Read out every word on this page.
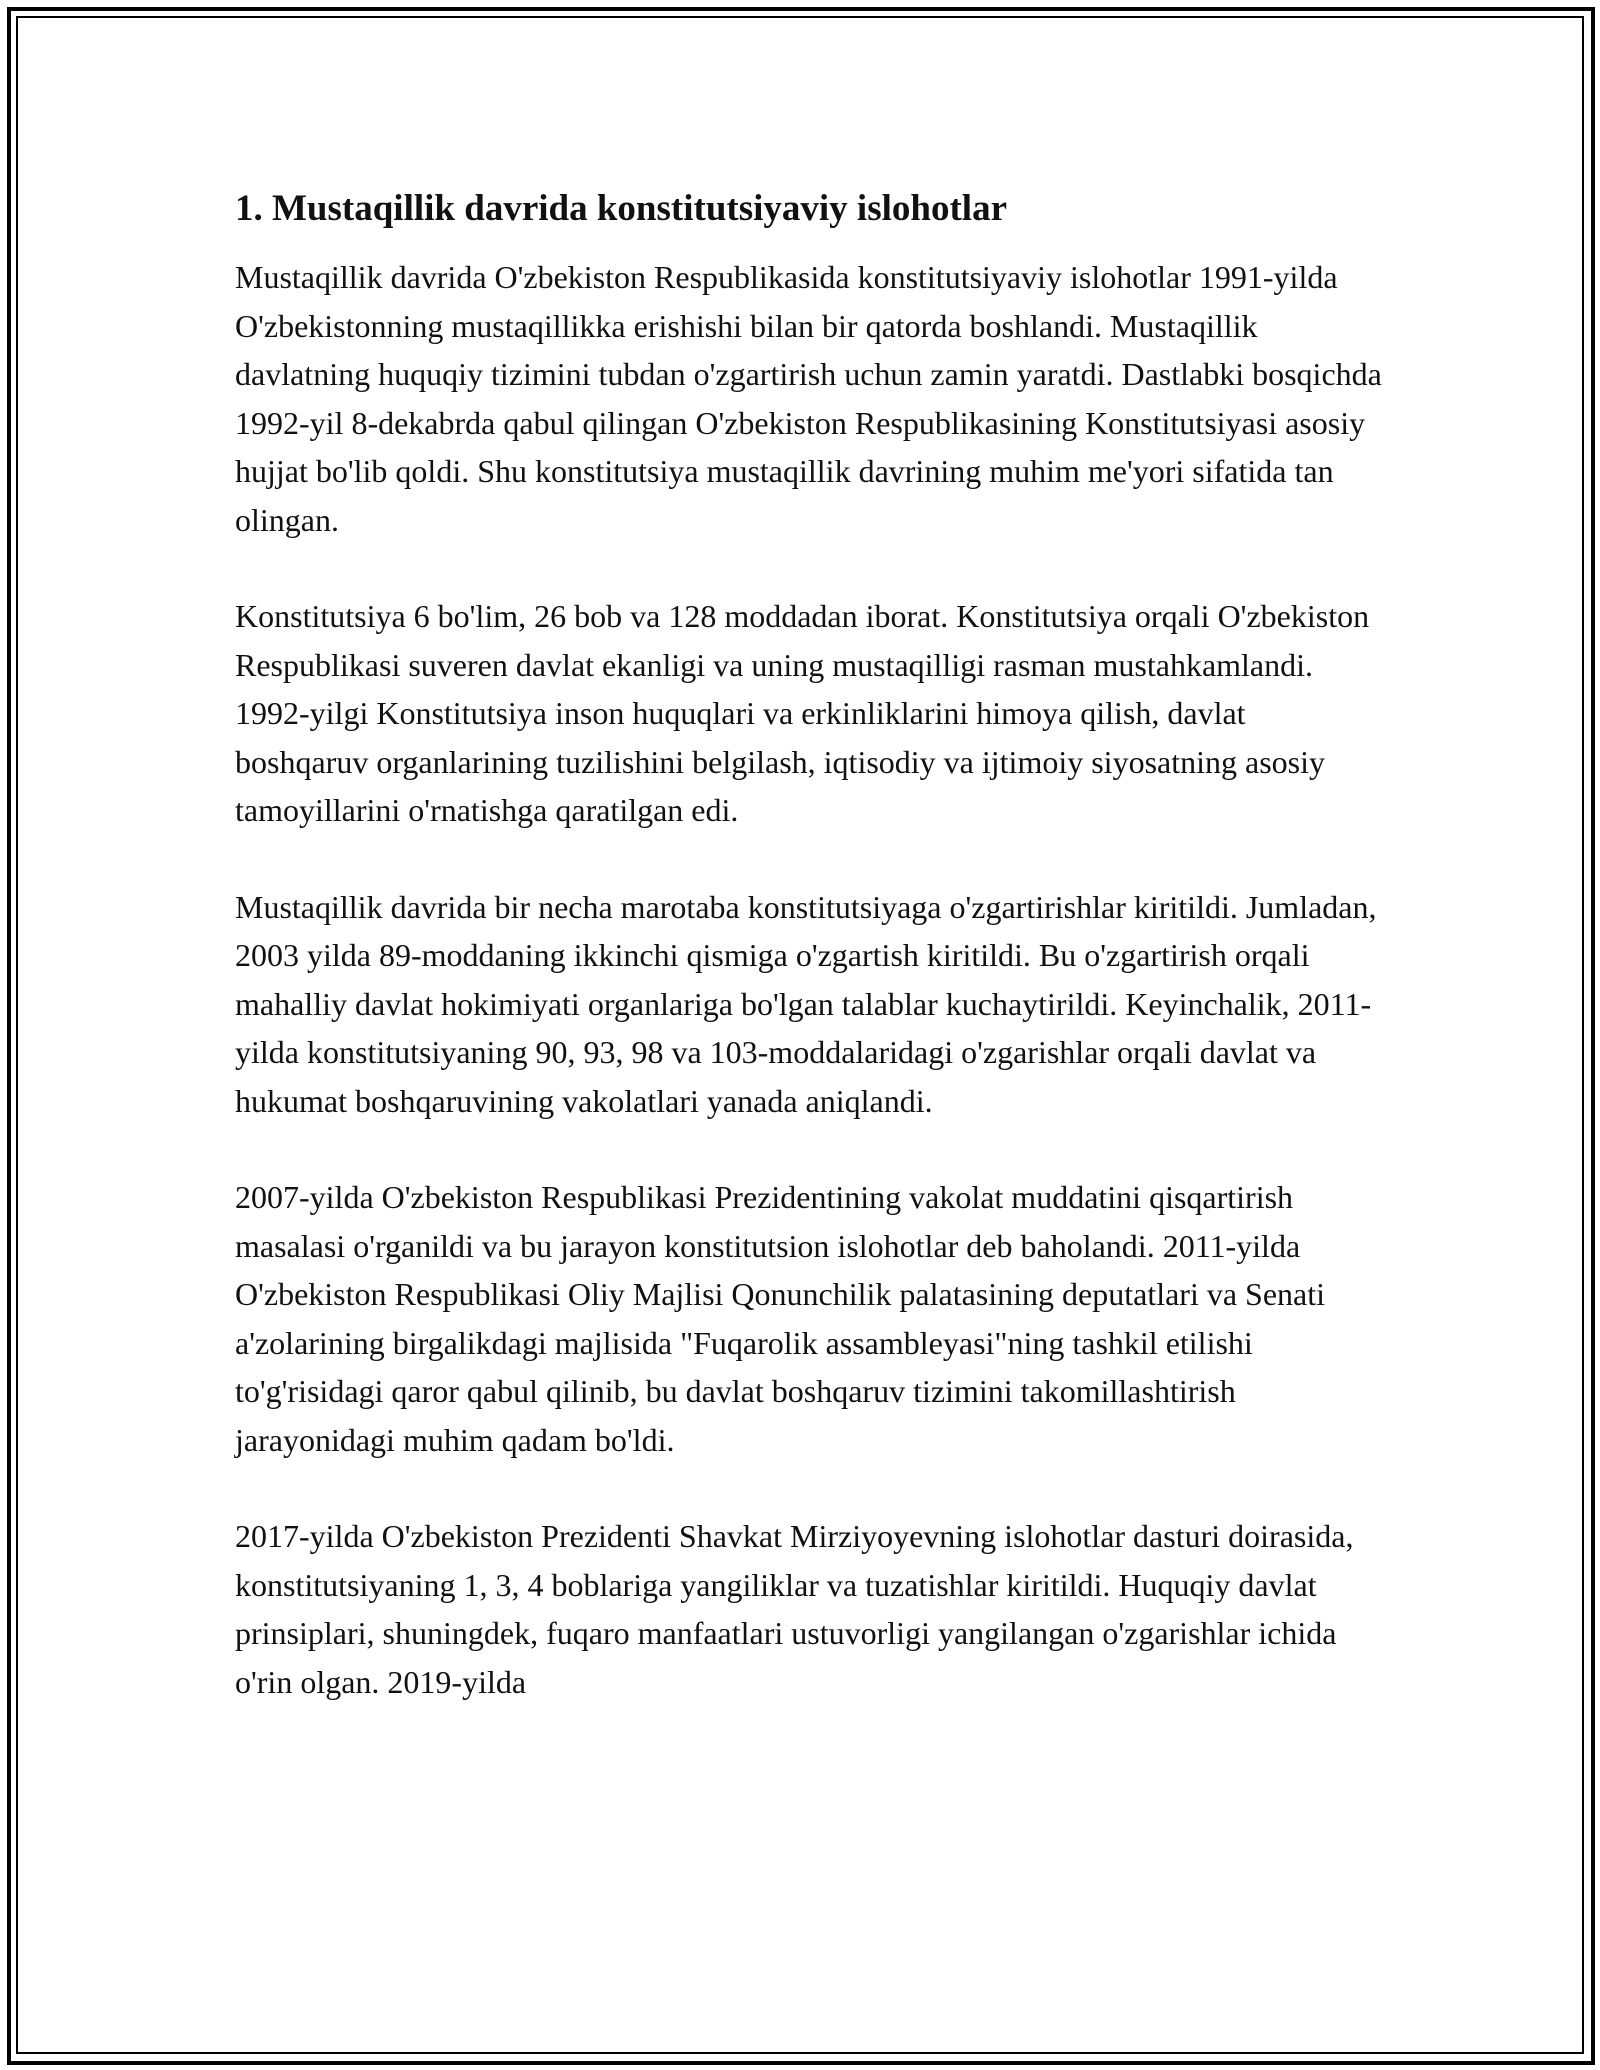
1. Mustaqillik davrida konstitutsiyaviy islohotlar

Mustaqillik davrida O'zbekiston Respublikasida konstitutsiyaviy islohotlar 1991-yilda O'zbekistonning mustaqillikka erishishi bilan bir qatorda boshlandi. Mustaqillik davlatning huquqiy tizimini tubdan o'zgartirish uchun zamin yaratdi. Dastlabki bosqichda 1992-yil 8-dekabrda qabul qilingan O'zbekiston Respublikasining Konstitutsiyasi asosiy hujjat bo'lib qoldi. Shu konstitutsiya mustaqillik davrining muhim me'yori sifatida tan olingan.

Konstitutsiya 6 bo'lim, 26 bob va 128 moddadan iborat. Konstitutsiya orqali O'zbekiston Respublikasi suveren davlat ekanligi va uning mustaqilligi rasman mustahkamlandi. 1992-yilgi Konstitutsiya inson huquqlari va erkinliklarini himoya qilish, davlat boshqaruv organlarining tuzilishini belgilash, iqtisodiy va ijtimoiy siyosatning asosiy tamoyillarini o'rnatishga qaratilgan edi.

Mustaqillik davrida bir necha marotaba konstitutsiyaga o'zgartirishlar kiritildi. Jumladan, 2003 yilda 89-moddaning ikkinchi qismiga o'zgartish kiritildi. Bu o'zgartirish orqali mahalliy davlat hokimiyati organlariga bo'lgan talablar kuchaytirildi. Keyinchalik, 2011-yilda konstitutsiyaning 90, 93, 98 va 103-moddalaridagi o'zgarishlar orqali davlat va hukumat boshqaruvining vakolatlari yanada aniqlandi.

2007-yilda O'zbekiston Respublikasi Prezidentining vakolat muddatini qisqartirish masalasi o'rganildi va bu jarayon konstitutsion islohotlar deb baholandi. 2011-yilda O'zbekiston Respublikasi Oliy Majlisi Qonunchilik palatasining deputatlari va Senati a'zolarining birgalikdagi majlisida "Fuqarolik assambleyasi"ning tashkil etilishi to'g'risidagi qaror qabul qilinib, bu davlat boshqaruv tizimini takomillashtirish jarayonidagi muhim qadam bo'ldi.

2017-yilda O'zbekiston Prezidenti Shavkat Mirziyoyevning islohotlar dasturi doirasida, konstitutsiyaning 1, 3, 4 boblariga yangiliklar va tuzatishlar kiritildi. Huquqiy davlat prinsiplari, shuningdek, fuqaro manfaatlari ustuvorligi yangilangan o'zgarishlar ichida o'rin olgan. 2019-yilda
